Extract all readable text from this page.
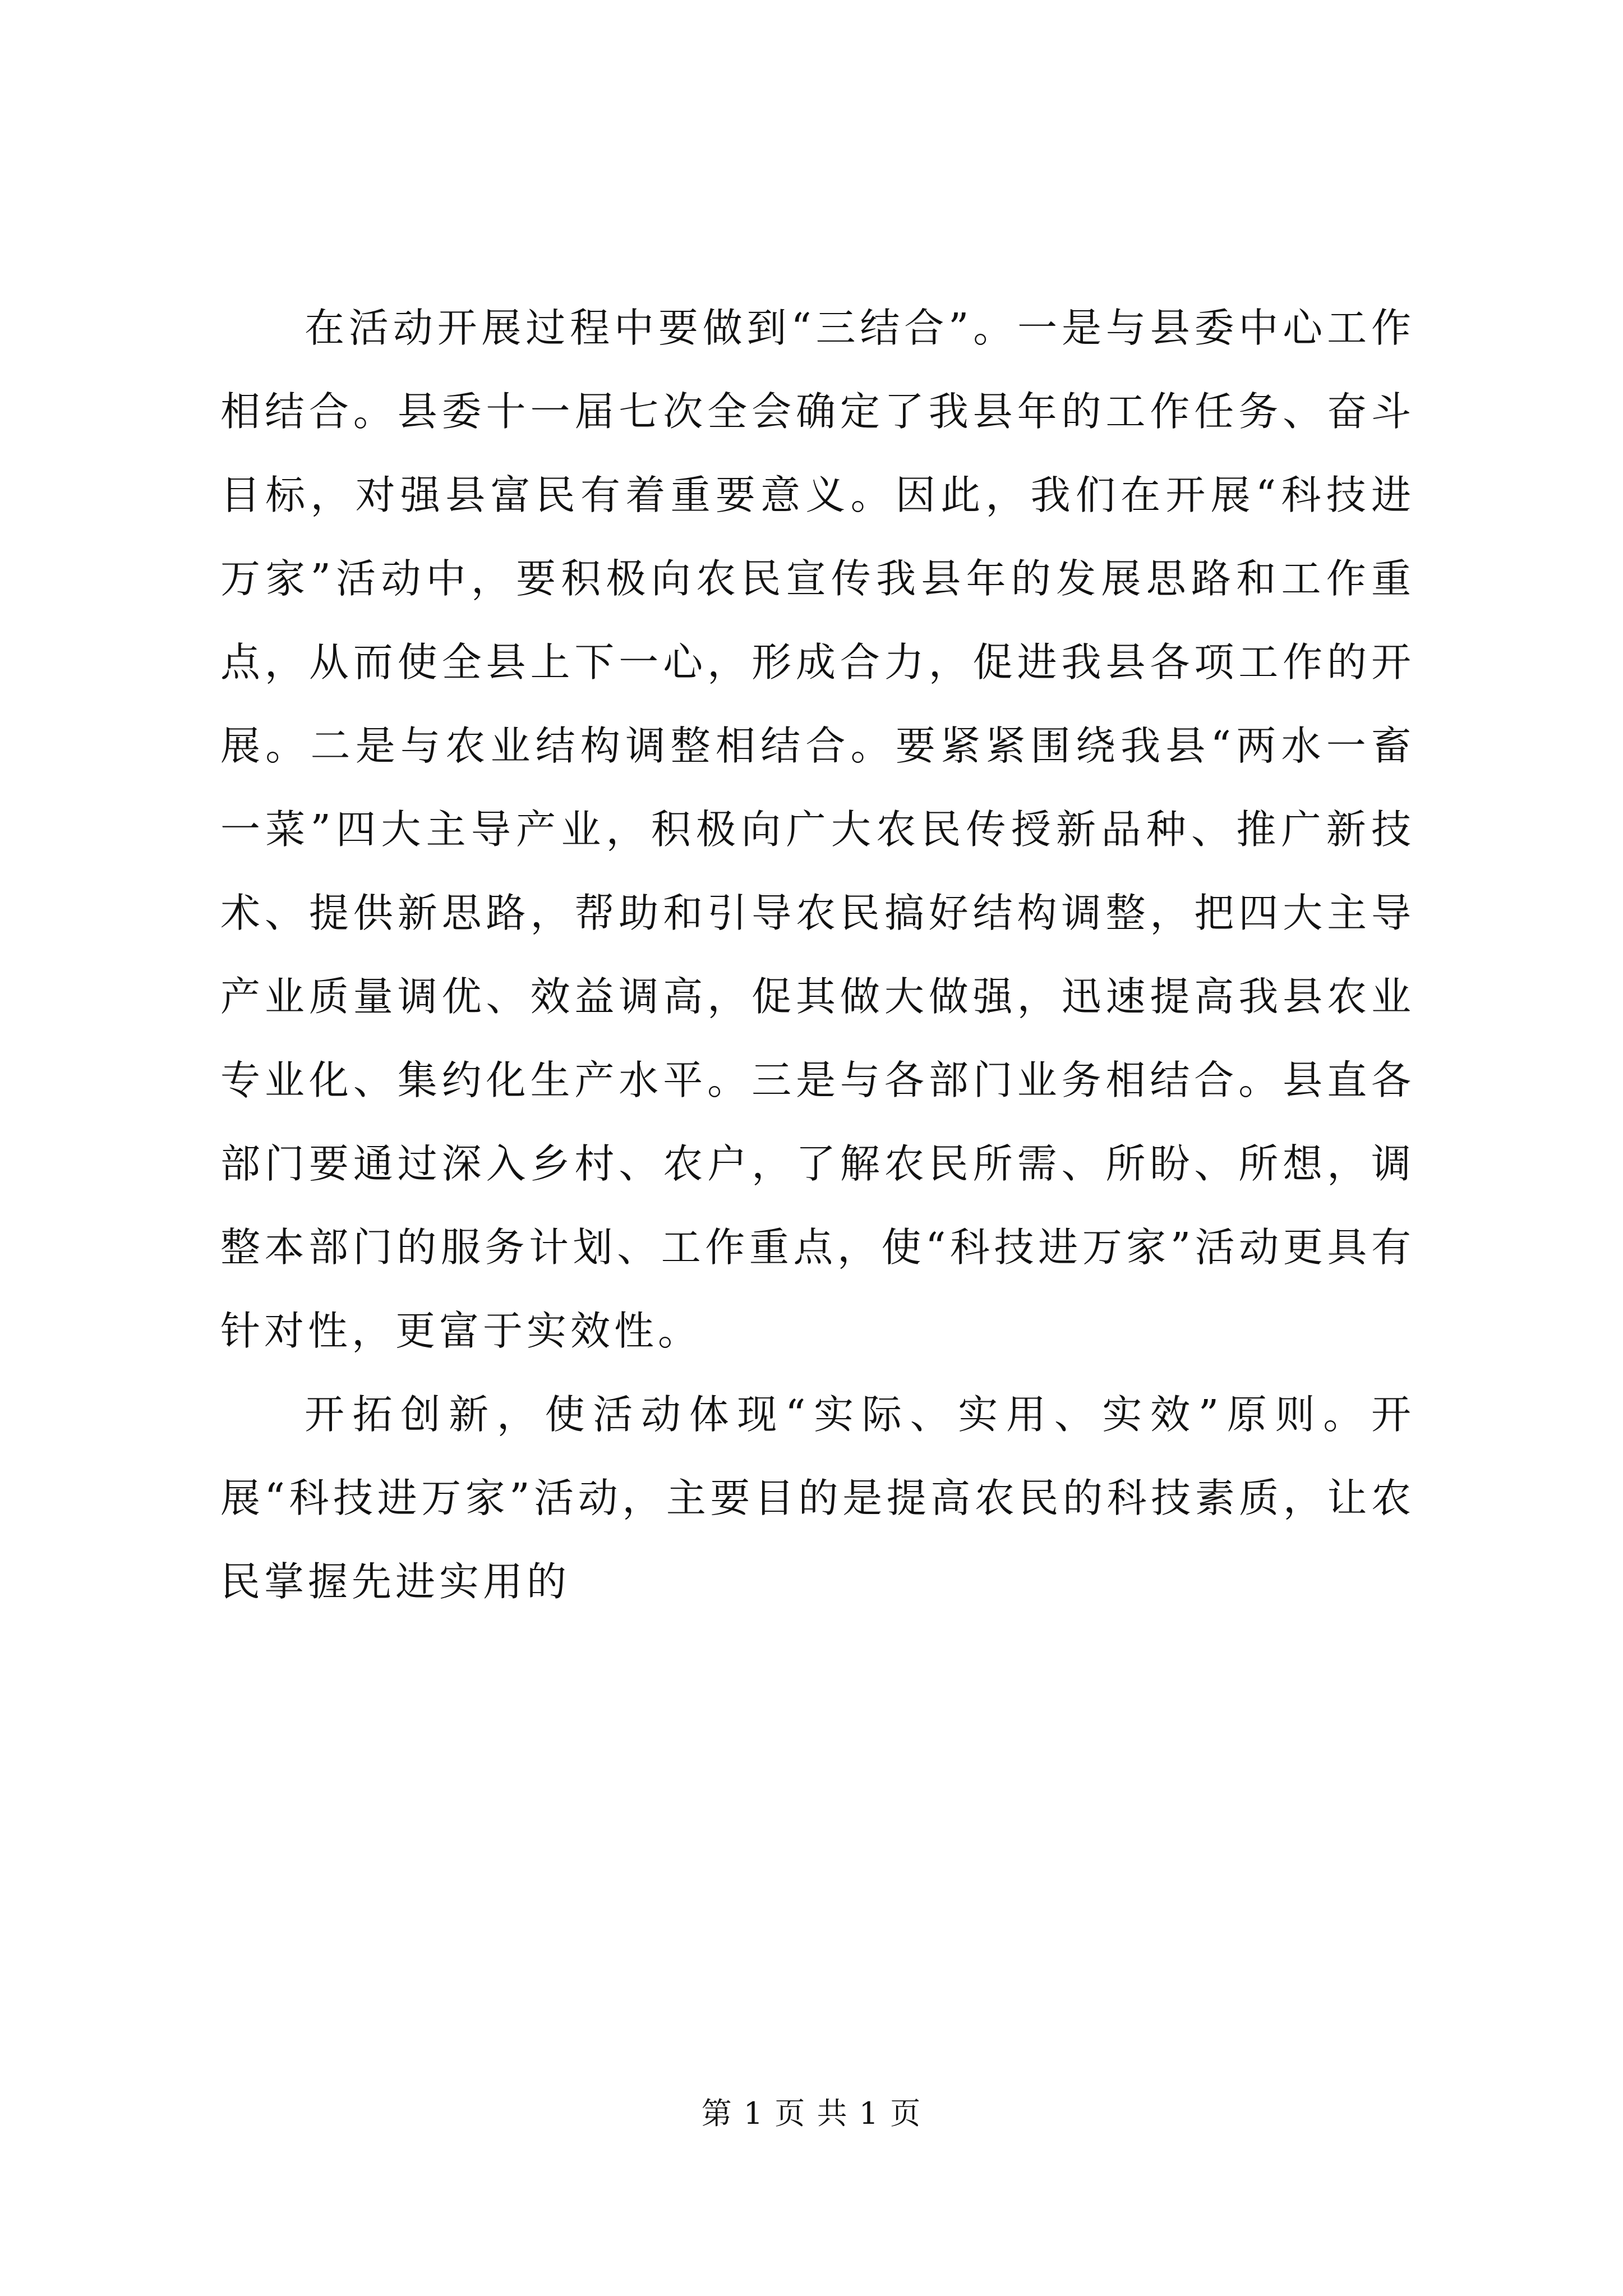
在活动开展过程中要做到“三结合”。一是与县委中心工作相结合。县委十一届七次全会确定了我县年的工作任务、奋斗目标，对强县富民有着重要意义。因此，我们在开展“科技进万家”活动中，要积极向农民宣传我县年的发展思路和工作重点，从而使全县上下一心，形成合力，促进我县各项工作的开展。二是与农业结构调整相结合。要紧紧围绕我县“两水一畜一菜”四大主导产业，积极向广大农民传授新品种、推广新技术、提供新思路，帮助和引导农民搞好结构调整，把四大主导产业质量调优、效益调高，促其做大做强，迅速提高我县农业专业化、集约化生产水平。三是与各部门业务相结合。县直各部门要通过深入乡村、农户，了解农民所需、所盼、所想，调整本部门的服务计划、工作重点，使“科技进万家”活动更具有针对性，更富于实效性。

开拓创新，使活动体现“实际、实用、实效”原则。开展“科技进万家”活动，主要目的是提高农民的科技素质，让农民掌握先进实用的

第 1 页 共 1 页
